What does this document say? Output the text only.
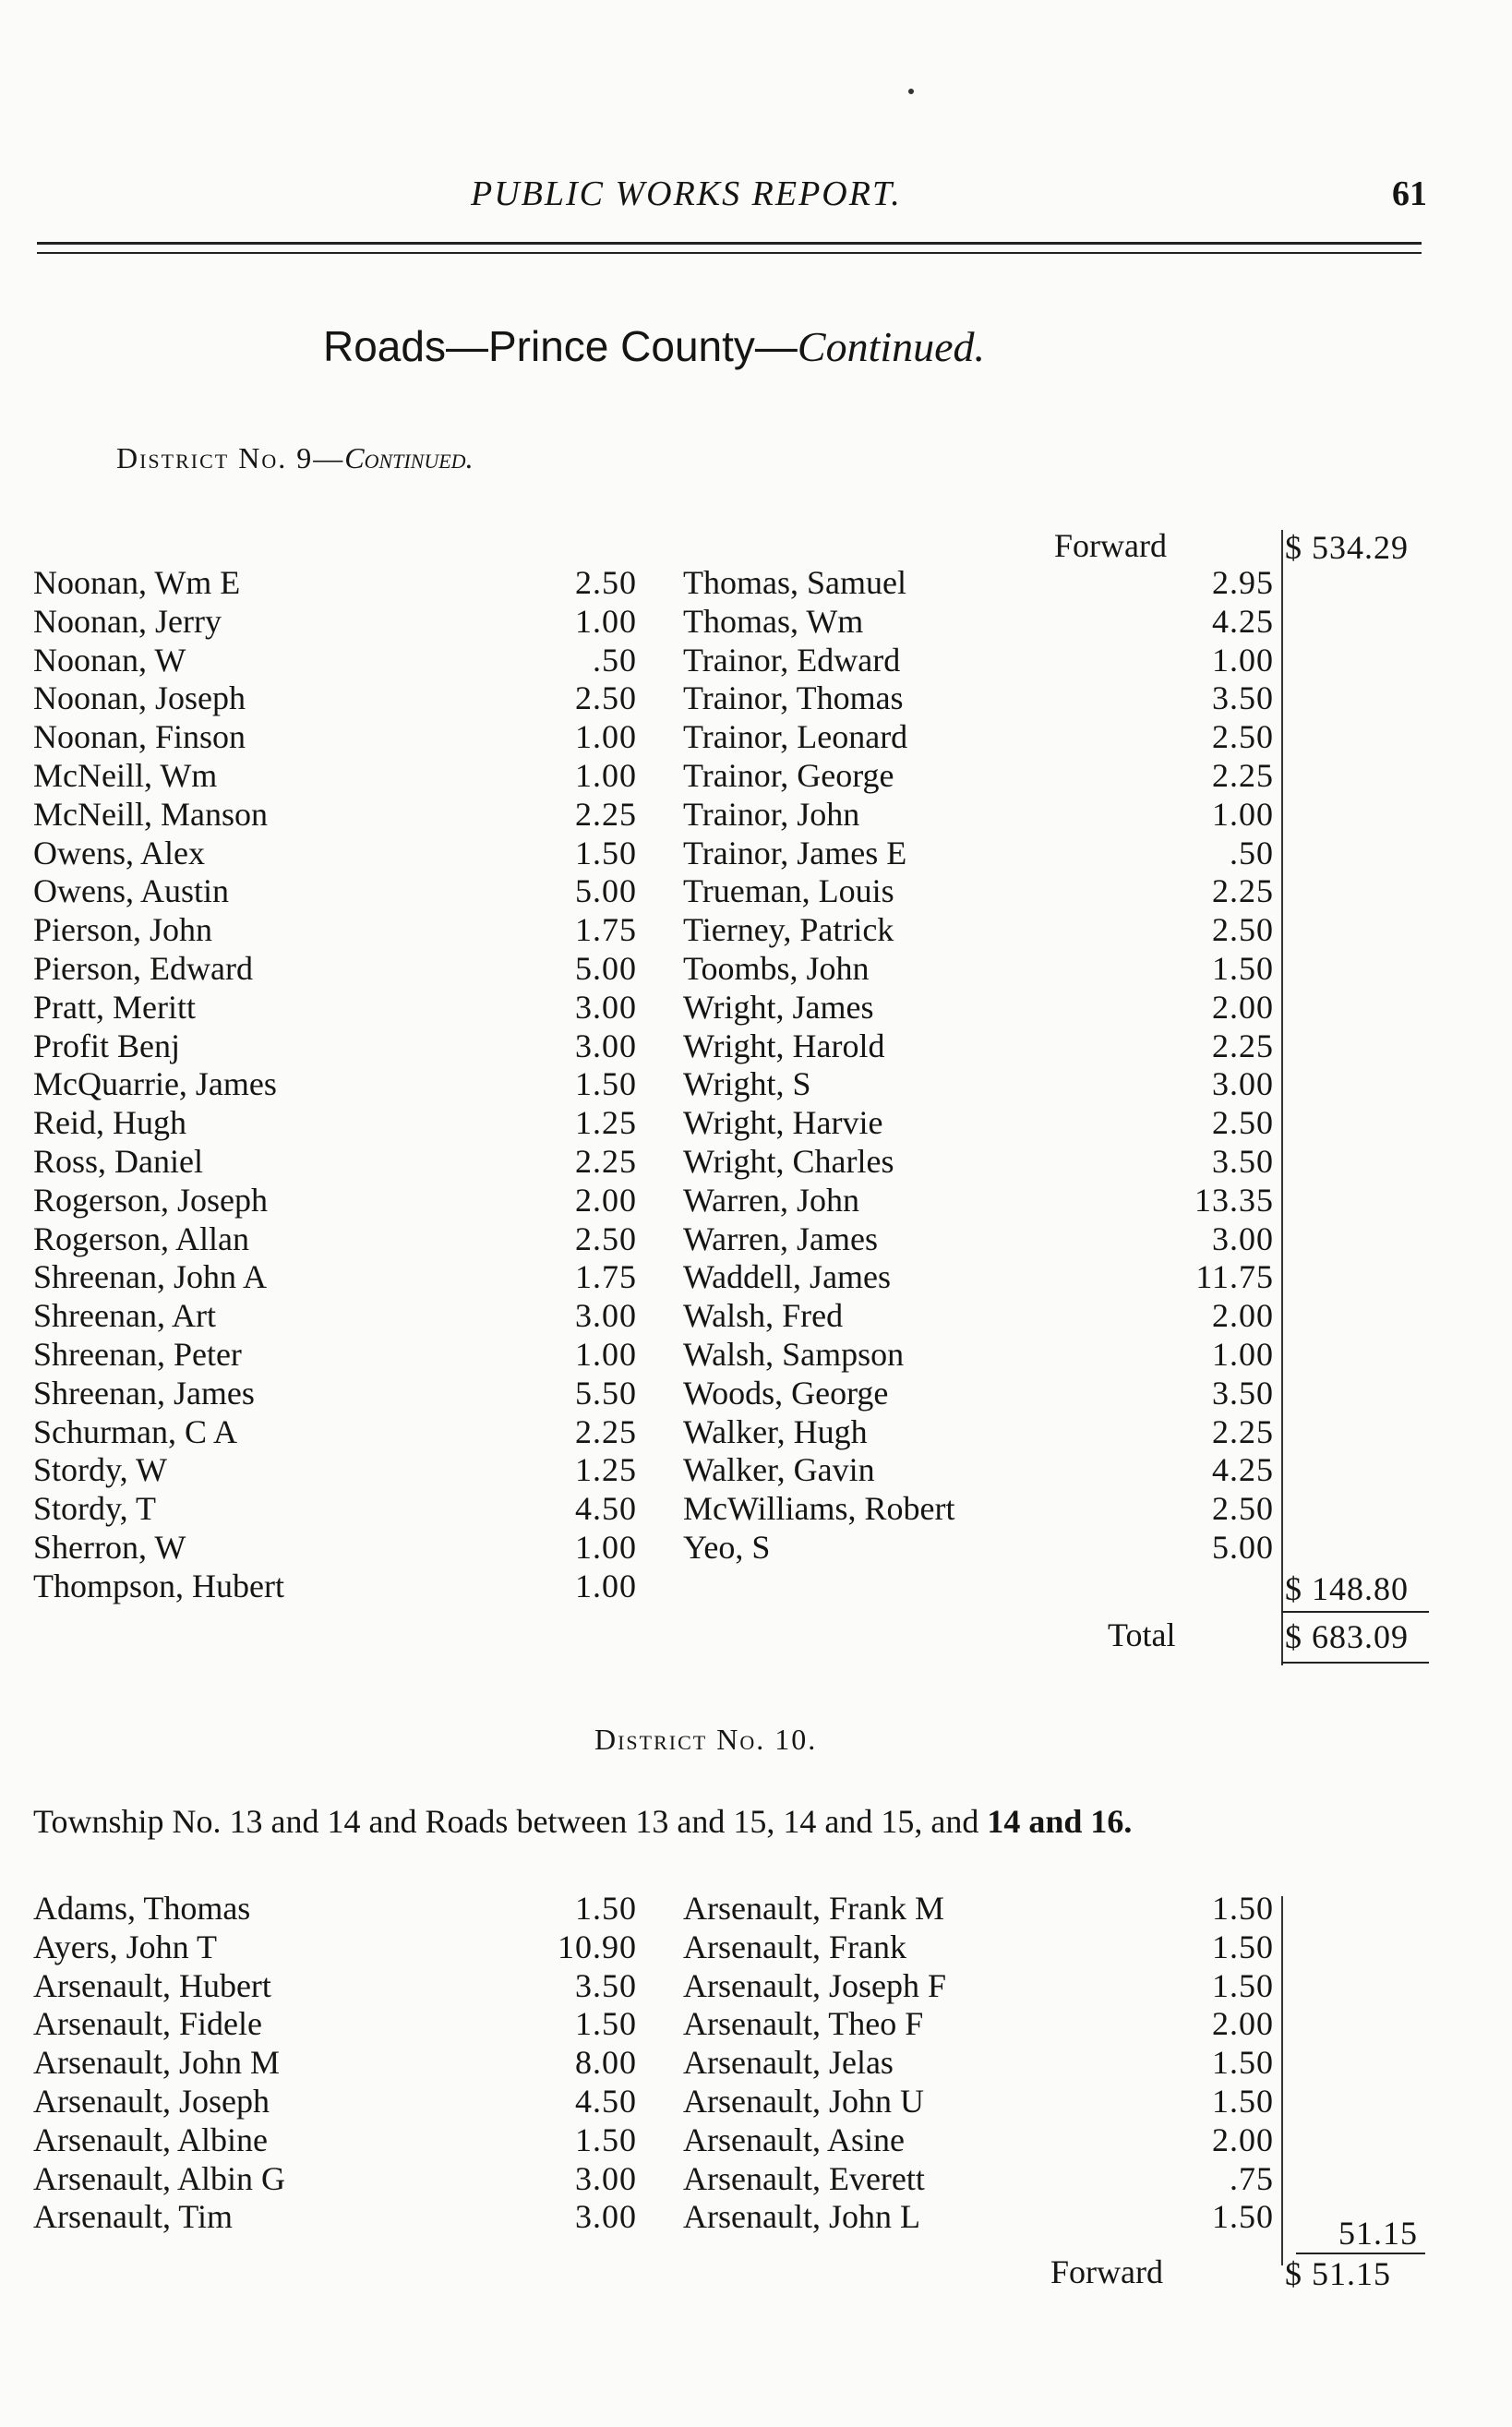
PUBLIC WORKS REPORT.	61
Roads—Prince County—Continued.
District No. 9—Continued.
Forward	$ 534.29
Noonan, Wm E	2.50 Thomas, Samuel	2.95
Noonan, Jerry	1.00 Thomas, Wm	4.25
Noonan, W	.50 Trainor, Edward	1.00
Noonan, Joseph	2.50 Trainor, Thomas	3.50
Noonan, Finson	1.00 Trainor, Leonard	2.50
McNeill, Wm	1.00 Trainor, George	2.25
McNeill, Manson	2.25 Trainor, John	1.00
Owens, Alex	1.50 Trainor, James E	.50
Owens, Austin	5.00 Trueman, Louis	2.25
Pierson, John	1.75 Tierney, Patrick	2.50
Pierson, Edward	5.00 Toombs, John	1.50
Pratt, Meritt	3.00 Wright, James	2.00
Profit Benj	3.00 Wright, Harold	2.25
McQuarrie, James	1.50 Wright, S	3.00
Reid, Hugh	1.25 Wright, Harvie	2.50
Ross, Daniel	2.25 Wright, Charles	3.50
Rogerson, Joseph	2.00 Warren, John	13.35
Rogerson, Allan	2.50 Warren, James	3.00
Shreenan, John A	1.75 Waddell, James	11.75
Shreenan, Art	3.00 Walsh, Fred	2.00
Shreenan, Peter	1.00 Walsh, Sampson	1.00
Shreenan, James	5.50 Woods, George	3.50
Schurman, C A	2.25 Walker, Hugh	2.25
Stordy, W	1.25 Walker, Gavin	4.25
Stordy, T	4.50 McWilliams, Robert	2.50
Sherron, W	1.00 Yeo, S	5.00
Thompson, Hubert	1.00	$ 148.80
Total	$ 683.09
District No. 10.
Township No. 13 and 14 and Roads between 13 and 15, 14 and 15, and 14 and 16.
Adams, Thomas	1.50 Arsenault, Frank M	1.50
Ayers, John T	10.90 Arsenault, Frank	1.50
Arsenault, Hubert	3.50 Arsenault, Joseph F	1.50
Arsenault, Fidele	1.50 Arsenault, Theo F	2.00
Arsenault, John M	8.00 Arsenault, Jelas	1.50
Arsenault, Joseph	4.50 Arsenault, John U	1.50
Arsenault, Albine	1.50 Arsenault, Asine	2.00
Arsenault, Albin G	3.00 Arsenault, Everett	.75
Arsenault, Tim	3.00 Arsenault, John L	1.50 51.15
Forward	$ 51.15
